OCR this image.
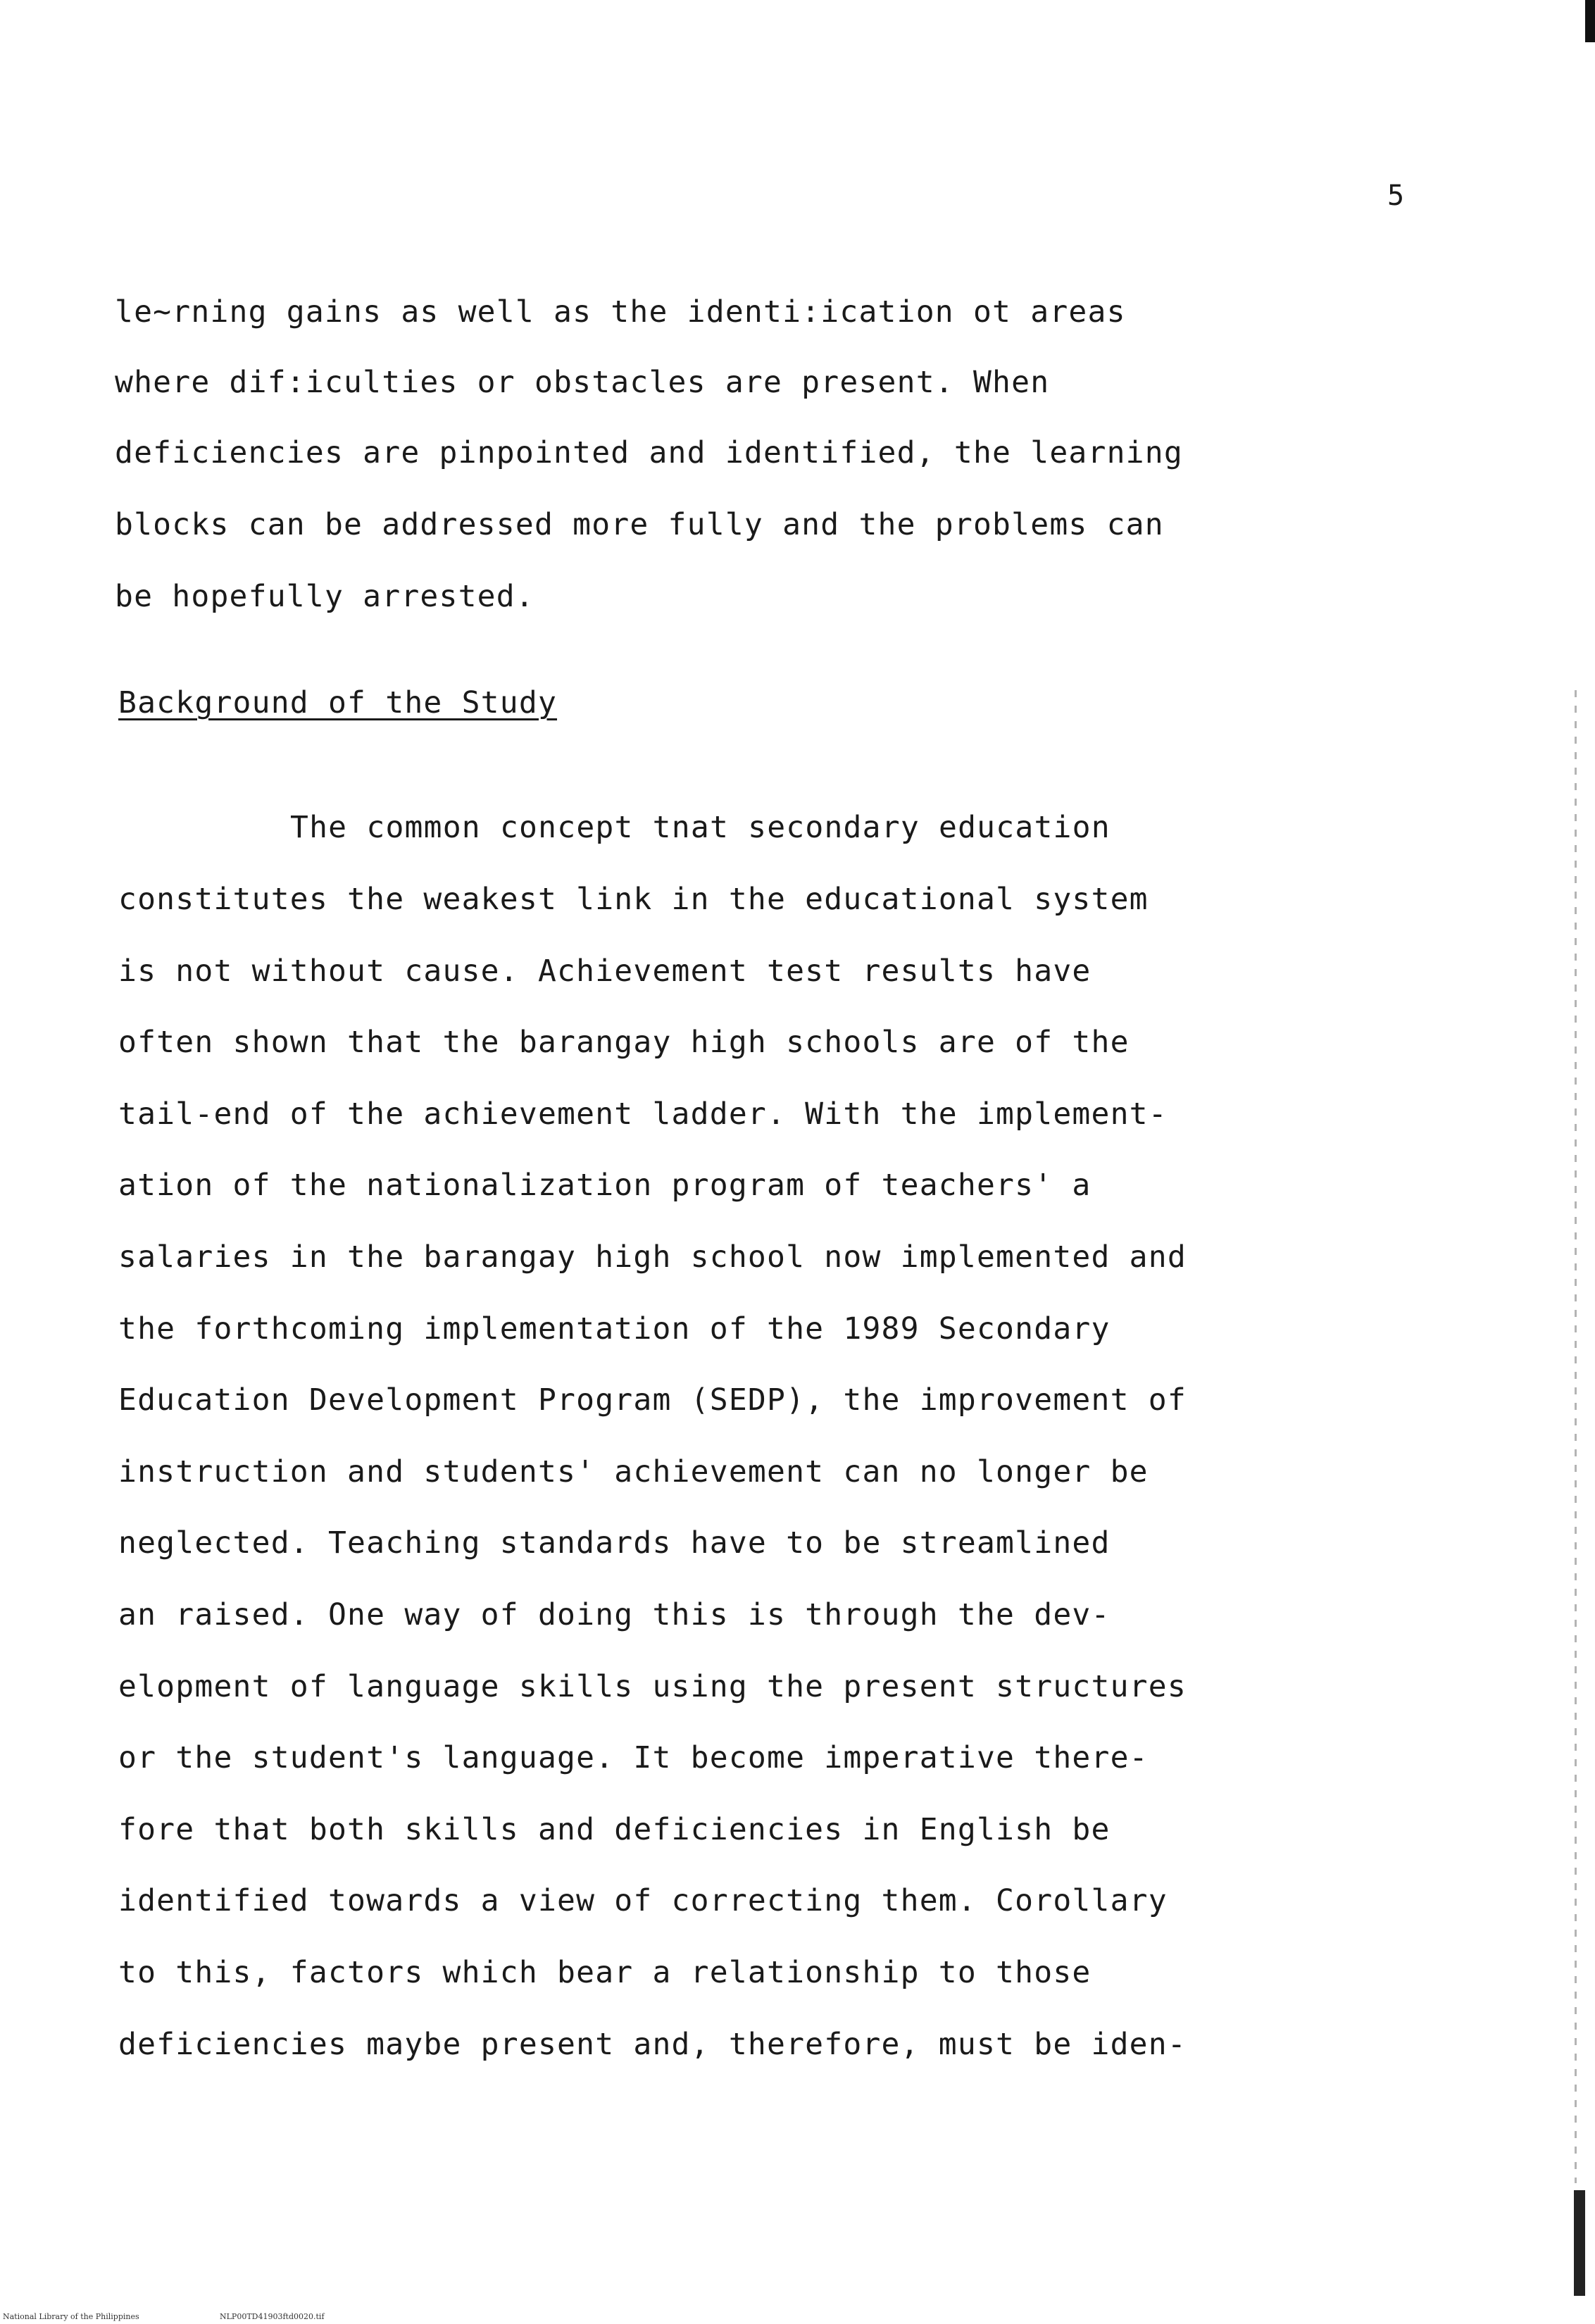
5
le~rning gains as well as the identi:ication ot areas
where dif:iculties or obstacles are present. When
deficiencies are pinpointed and identified, the learning
blocks can be addressed more fully and the problems can
be hopefully arrested.
Background of the Study
The common concept tnat secondary education
constitutes the weakest link in the educational system
is not without cause. Achievement test results have
often shown that the barangay high schools are of the
tail-end of the achievement ladder. With the implement-
ation of the nationalization program of teachers' a
salaries in the barangay high school now implemented and
the forthcoming implementation of the 1989 Secondary
Education Development Program (SEDP), the improvement of
instruction and students' achievement can no longer be
neglected. Teaching standards have to be streamlined
an raised. One way of doing this is through the dev-
elopment of language skills using the present structures
or the student's language. It become imperative there-
fore that both skills and deficiencies in English be
identified towards a view of correcting them. Corollary
to this, factors which bear a relationship to those
deficiencies maybe present and, therefore, must be iden-
National Library of the Philippines	NLP00TD41903ftd0020.tif
